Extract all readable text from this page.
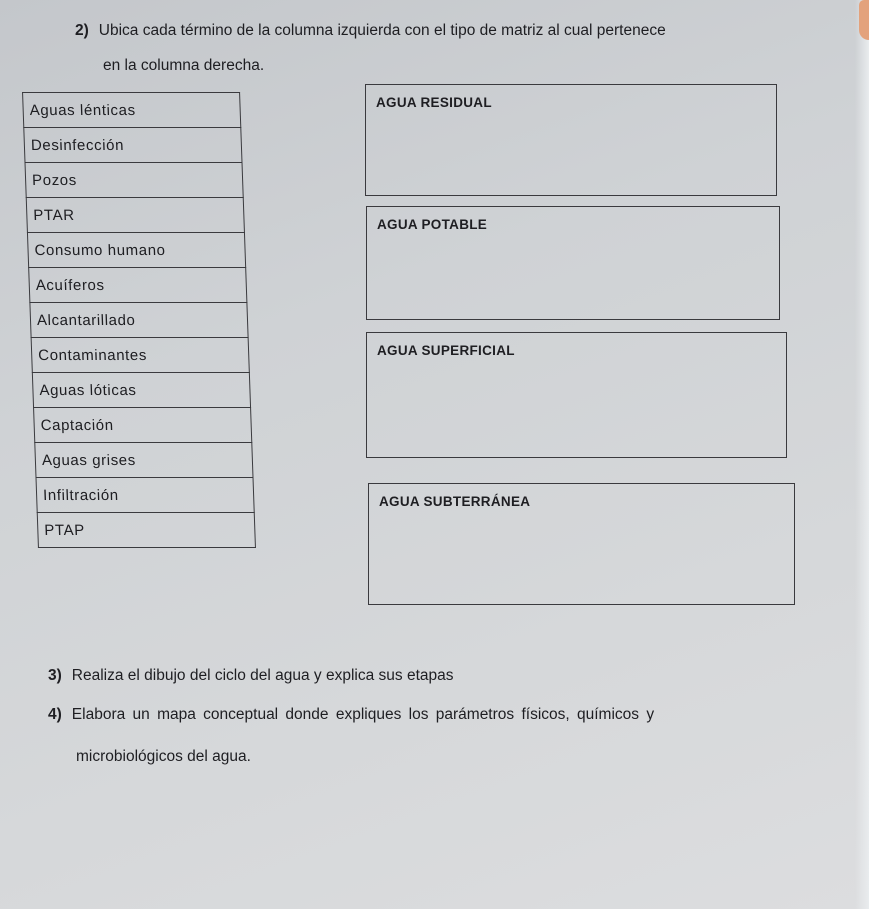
2) Ubica cada término de la columna izquierda con el tipo de matriz al cual pertenece
en la columna derecha.
Aguas lénticas
Desinfección
Pozos
PTAR
Consumo humano
Acuíferos
Alcantarillado
Contaminantes
Aguas lóticas
Captación
Aguas grises
Infiltración
PTAP
AGUA RESIDUAL
AGUA POTABLE
AGUA SUPERFICIAL
AGUA SUBTERRÁNEA
3) Realiza el dibujo del ciclo del agua y explica sus etapas
4) Elabora un mapa conceptual donde expliques los parámetros físicos, químicos y
microbiológicos del agua.
